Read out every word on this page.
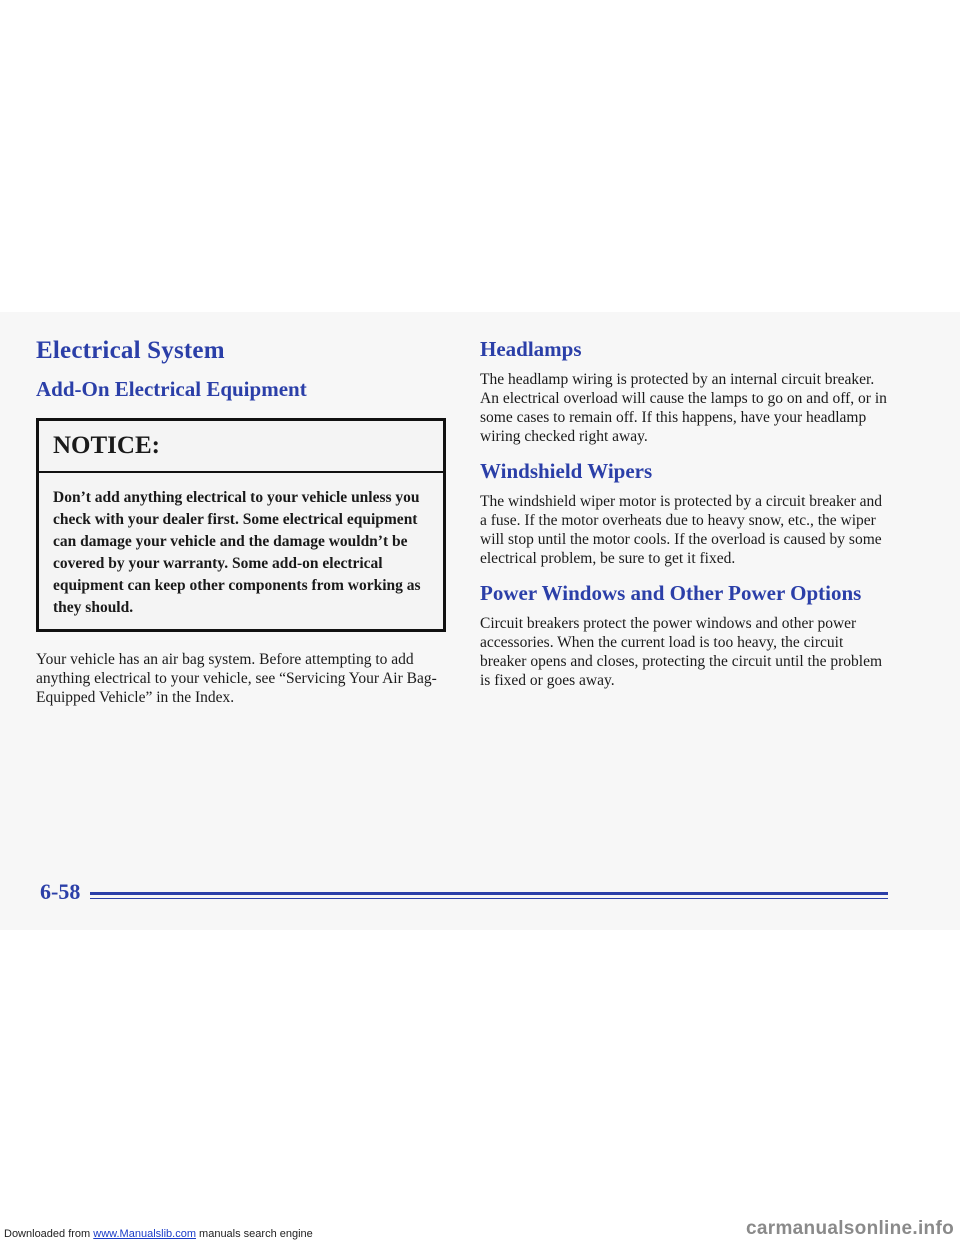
Electrical System
Add-On Electrical Equipment
NOTICE:
Don’t add anything electrical to your vehicle unless you check with your dealer first. Some electrical equipment can damage your vehicle and the damage wouldn’t be covered by your warranty. Some add-on electrical equipment can keep other components from working as they should.

Your vehicle has an air bag system. Before attempting to add anything electrical to your vehicle, see “Servicing Your Air Bag-Equipped Vehicle” in the Index.

Headlamps

The headlamp wiring is protected by an internal circuit breaker. An electrical overload will cause the lamps to go on and off, or in some cases to remain off. If this happens, have your headlamp wiring checked right away.

Windshield Wipers

The windshield wiper motor is protected by a circuit breaker and a fuse. If the motor overheats due to heavy snow, etc., the wiper will stop until the motor cools. If the overload is caused by some electrical problem, be sure to get it fixed.

Power Windows and Other Power Options

Circuit breakers protect the power windows and other power accessories. When the current load is too heavy, the circuit breaker opens and closes, protecting the circuit until the problem is fixed or goes away.

6-58
Downloaded from www.Manualslib.com manuals search engine	carmanualsonline.info
